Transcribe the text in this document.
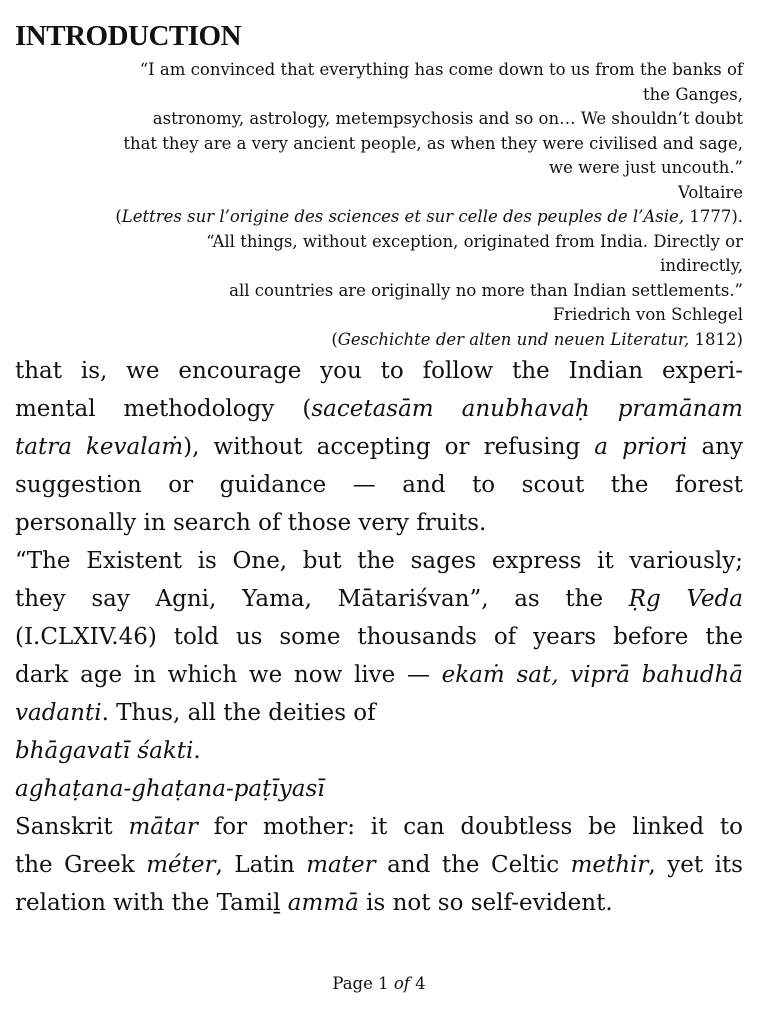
INTRODUCTION
“I am convinced that everything has come down to us from the banks of
the Ganges,
astronomy, astrology, metempsychosis and so on… We shouldn’t doubt
that they are a very ancient people, as when they were civilised and sage,
we were just uncouth.”
Voltaire
(Lettres sur l’origine des sciences et sur celle des peuples de l’Asie, 1777).
“All things, without exception, originated from India. Directly or
indirectly,
all countries are originally no more than Indian settlements.”
Friedrich von Schlegel
(Geschichte der alten und neuen Literatur, 1812)

that is, we encourage you to follow the Indian experi-
mental methodology (sacetasām anubhavaḥ pramānam
tatra kevalaṁ), without accepting or refusing a priori any
suggestion or guidance — and to scout the forest
personally in search of those very fruits.

“The Existent is One, but the sages express it variously;
they say Agni, Yama, Mātariśvan”, as the Ṛg Veda
(I.CLXIV.46) told us some thousands of years before the
dark age in which we now live — ekaṁ sat, viprā bahudhā
vadanti. Thus, all the deities of

bhāgavatī śakti.

aghaṭana-ghaṭana-paṭīyasī

Sanskrit mātar for mother: it can doubtless be linked to
the Greek méter, Latin mater and the Celtic methir, yet its
relation with the Tamiḻ ammā is not so self-evident.

Page 1 of 4
